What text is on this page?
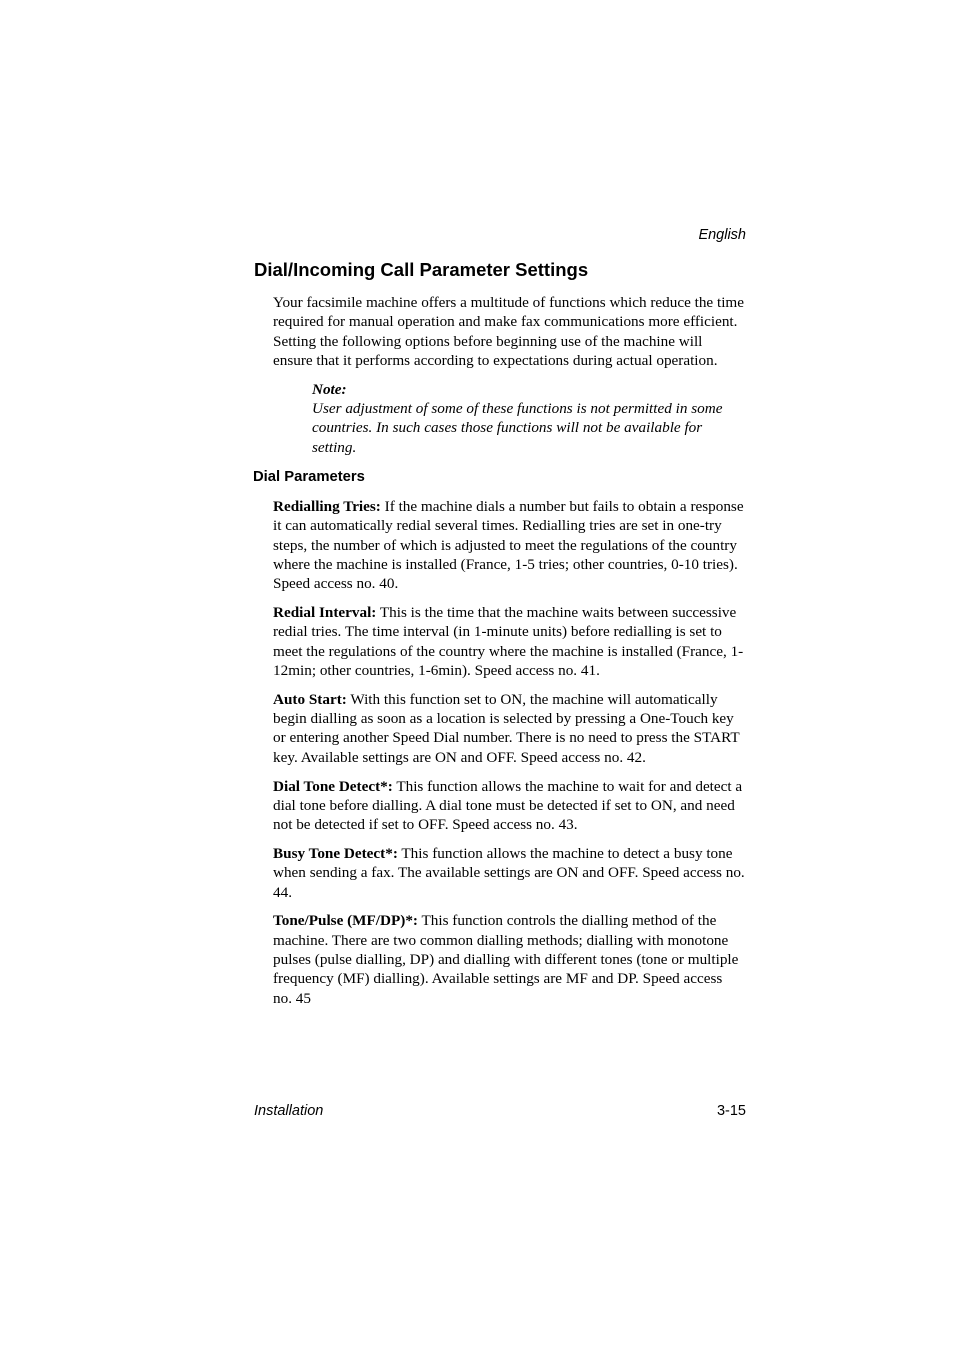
English
Dial/Incoming Call Parameter Settings

Your facsimile machine offers a multitude of functions which reduce the time required for manual operation and make fax communications more efficient. Setting the following options before beginning use of the machine will ensure that it performs according to expectations during actual operation.

Note:
User adjustment of some of these functions is not permitted in some countries. In such cases those functions will not be available for setting.
Dial Parameters

Redialling Tries: If the machine dials a number but fails to obtain a response it can automatically redial several times. Redialling tries are set in one-try steps, the number of which is adjusted to meet the regulations of the country where the machine is installed (France, 1-5 tries; other countries, 0-10 tries). Speed access no. 40.

Redial Interval: This is the time that the machine waits between successive redial tries. The time interval (in 1-minute units) before redialling is set to meet the regulations of the country where the machine is installed (France, 1-12min; other countries, 1-6min). Speed access no. 41.

Auto Start: With this function set to ON, the machine will automatically begin dialling as soon as a location is selected by pressing a One-Touch key or entering another Speed Dial number. There is no need to press the START key. Available settings are ON and OFF. Speed access no. 42.

Dial Tone Detect*: This function allows the machine to wait for and detect a dial tone before dialling. A dial tone must be detected if set to ON, and need not be detected if set to OFF. Speed access no. 43.

Busy Tone Detect*: This function allows the machine to detect a busy tone when sending a fax. The available settings are ON and OFF. Speed access no. 44.

Tone/Pulse (MF/DP)*: This function controls the dialling method of the machine. There are two common dialling methods; dialling with monotone pulses (pulse dialling, DP) and dialling with different tones (tone or multiple frequency (MF) dialling). Available settings are MF and DP. Speed access no. 45

Installation	3-15
